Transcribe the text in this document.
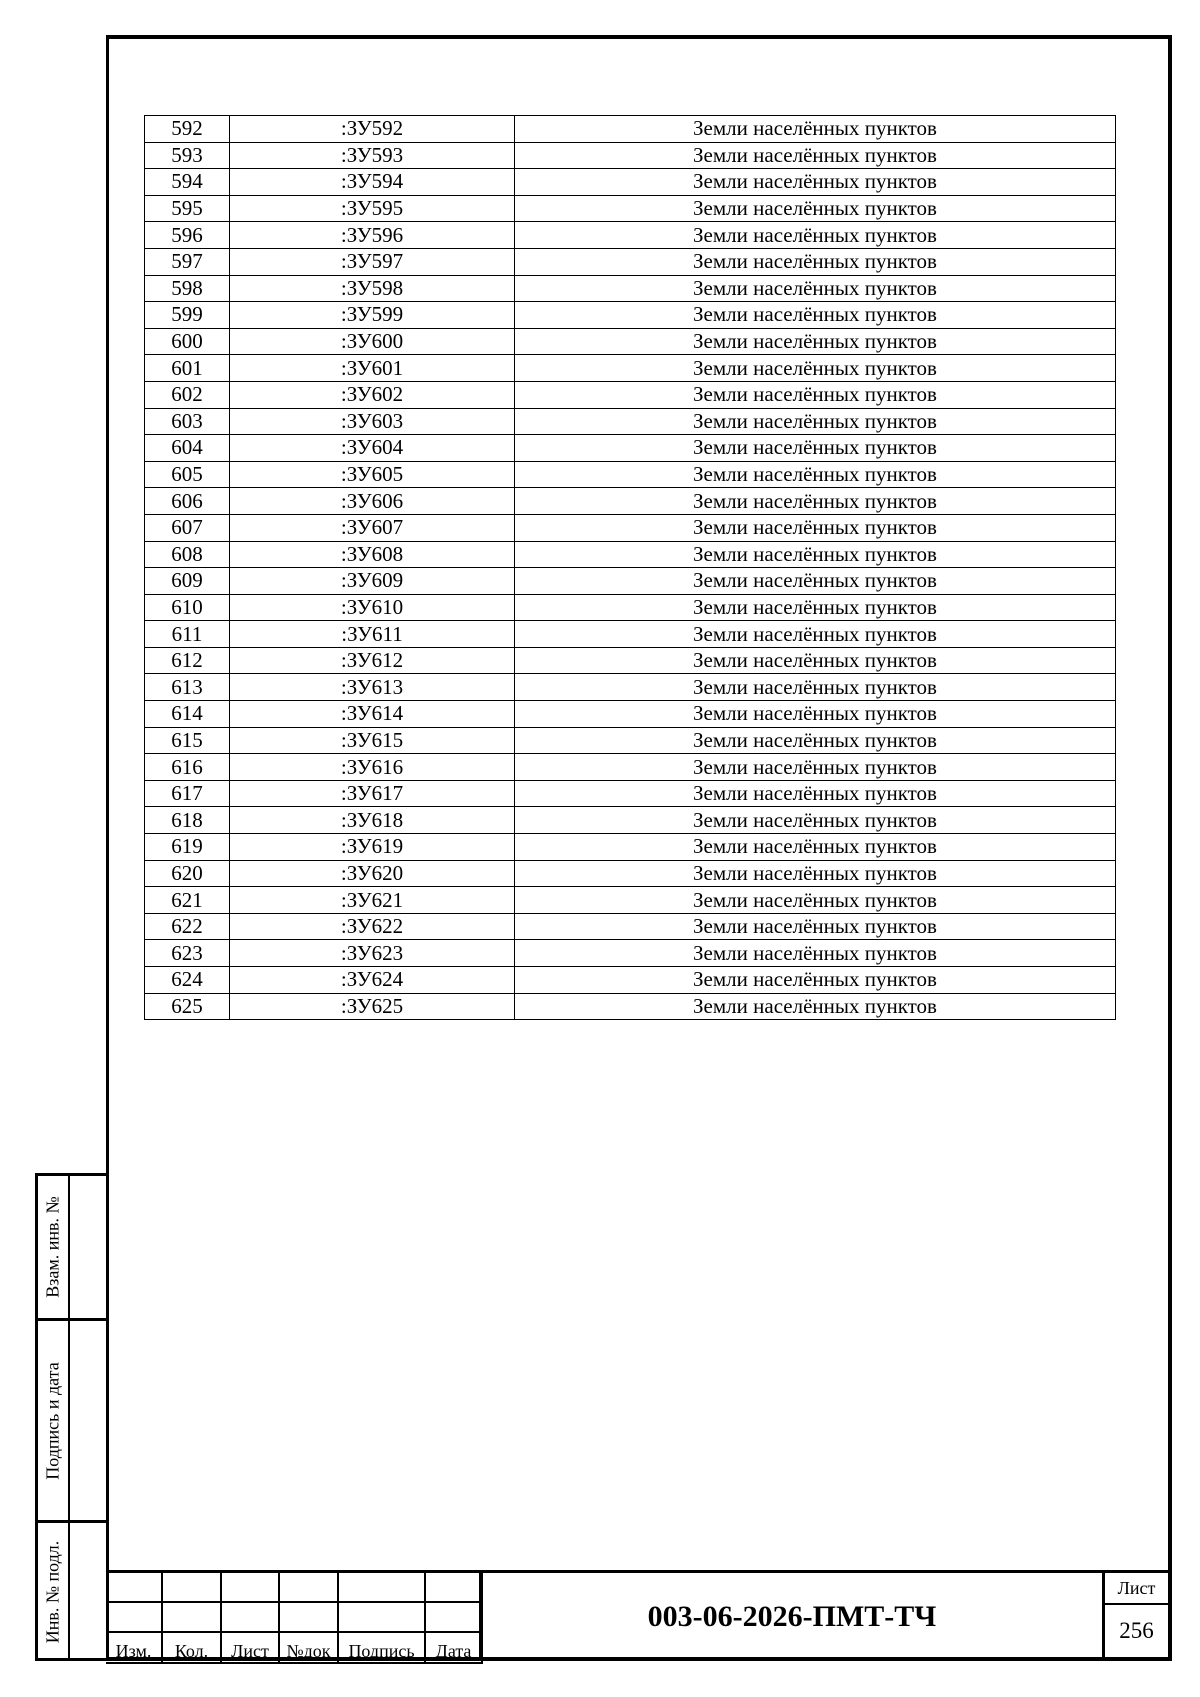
592	:ЗУ592	Земли населённых пунктов
593	:ЗУ593	Земли населённых пунктов
594	:ЗУ594	Земли населённых пунктов
595	:ЗУ595	Земли населённых пунктов
596	:ЗУ596	Земли населённых пунктов
597	:ЗУ597	Земли населённых пунктов
598	:ЗУ598	Земли населённых пунктов
599	:ЗУ599	Земли населённых пунктов
600	:ЗУ600	Земли населённых пунктов
601	:ЗУ601	Земли населённых пунктов
602	:ЗУ602	Земли населённых пунктов
603	:ЗУ603	Земли населённых пунктов
604	:ЗУ604	Земли населённых пунктов
605	:ЗУ605	Земли населённых пунктов
606	:ЗУ606	Земли населённых пунктов
607	:ЗУ607	Земли населённых пунктов
608	:ЗУ608	Земли населённых пунктов
609	:ЗУ609	Земли населённых пунктов
610	:ЗУ610	Земли населённых пунктов
611	:ЗУ611	Земли населённых пунктов
612	:ЗУ612	Земли населённых пунктов
613	:ЗУ613	Земли населённых пунктов
614	:ЗУ614	Земли населённых пунктов
615	:ЗУ615	Земли населённых пунктов
616	:ЗУ616	Земли населённых пунктов
617	:ЗУ617	Земли населённых пунктов
618	:ЗУ618	Земли населённых пунктов
619	:ЗУ619	Земли населённых пунктов
620	:ЗУ620	Земли населённых пунктов
621	:ЗУ621	Земли населённых пунктов
622	:ЗУ622	Земли населённых пунктов
623	:ЗУ623	Земли населённых пунктов
624	:ЗУ624	Земли населённых пунктов
625	:ЗУ625	Земли населённых пунктов
Взам. инв. №
Подпись и дата
Инв. № подл.

Изм.	Кол.	Лист	№док	Подпись	Дата
003-06-2026-ПМТ-ТЧ
Лист
256
